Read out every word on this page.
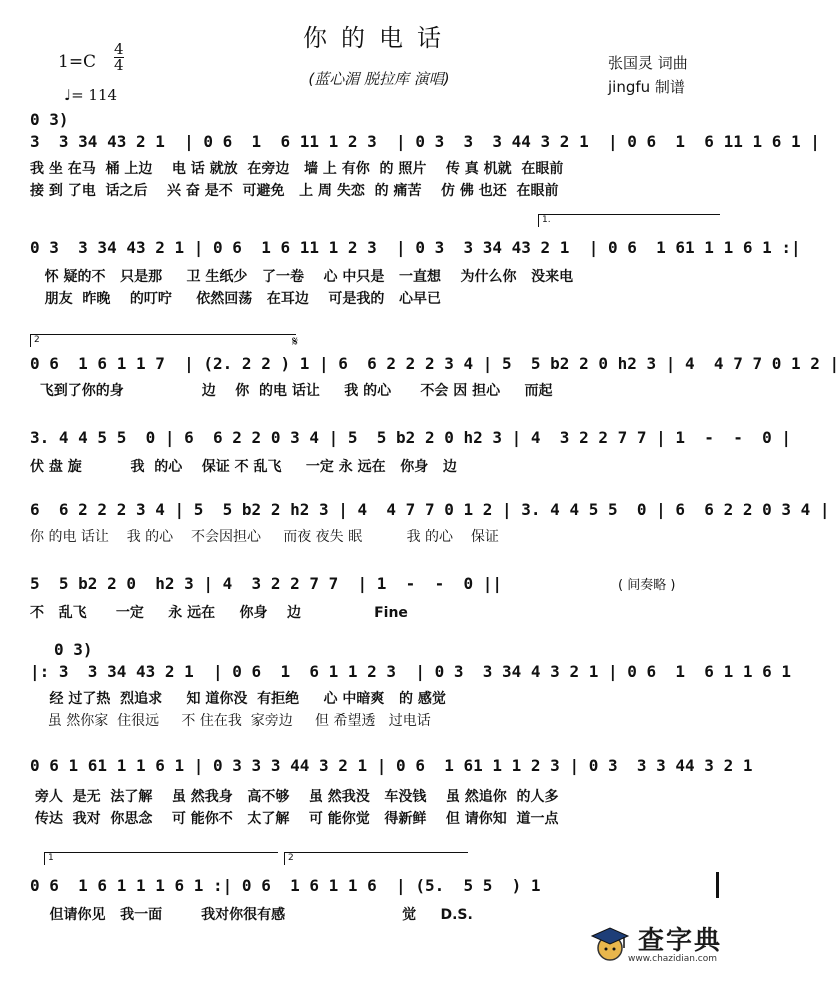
你的电话
(蓝心湄 脱拉库 演唱)
1=C
4
4
♩= 114
张国灵 词曲
jingfu 制谱
0 3)
3  3 34 43 2 1  | 0 6  1  6 11 1 2 3  | 0 3  3  3 44 3 2 1  | 0 6  1  6 11 1 6 1 |
我 坐 在马  桶 上边    电 话 就放  在旁边   墙 上 有你  的 照片    传 真 机就  在眼前
接 到 了电  话之后    兴 奋 是不  可避免   上 周 失恋  的 痛苦    仿 佛 也还  在眼前
1.
0 3  3 34 43 2 1 | 0 6  1 6 11 1 2 3  | 0 3  3 34 43 2 1  | 0 6  1 61 1 1 6 1 :|
怀 疑的不   只是那     卫 生纸少   了一卷    心 中只是   一直想    为什么你   没来电
朋友  昨晚    的叮咛     依然回荡   在耳边    可是我的   心早已
2	𝄋
0 6  1 6 1 1 7  | (2. 2 2 ) 1 | 6  6 2 2 2 3 4 | 5  5 b2 2 0 h2 3 | 4  4 7 7 0 1 2 |
飞到了你的身                边    你  的电 话让     我 的心      不会 因 担心     而起
3. 4 4 5 5  0 | 6  6 2 2 0 3 4 | 5  5 b2 2 0 h2 3 | 4  3 2 2 7 7 | 1  -  -  0 |
伏 盘 旋          我  的心    保证 不 乱飞     一定 永 远在   你身   边
6  6 2 2 2 3 4 | 5  5 b2 2 h2 3 | 4  4 7 7 0 1 2 | 3. 4 4 5 5  0 | 6  6 2 2 0 3 4 |
你 的电 话让    我 的心    不会因担心     而夜 夜失 眠          我 的心    保证
5  5 b2 2 0  h2 3 | 4  3 2 2 7 7  | 1  -  -  0 ||
不   乱飞      一定     永 远在     你身    边               Fine
( 间奏略 )
0 3)
|: 3  3 34 43 2 1  | 0 6  1  6 1 1 2 3  | 0 3  3 34 4 3 2 1 | 0 6  1  6 1 1 6 1
经 过了热  烈追求     知 道你没  有拒绝     心 中暗爽   的 感觉
虽 然你家  住很远     不 住在我  家旁边     但 希望透   过电话
0 6 1 61 1 1 6 1 | 0 3 3 3 44 3 2 1 | 0 6  1 61 1 1 2 3 | 0 3  3 3 44 3 2 1
旁人  是无  法了解    虽 然我身   高不够    虽 然我没   车没钱    虽 然追你  的人多
传达  我对  你思念    可 能你不   太了解    可 能你觉   得新鲜    但 请你知  道一点
1	2
0 6  1 6 1 1 1 6 1 :| 0 6  1 6 1 1 6  | (5.  5 5  ) 1
但请你见   我一面        我对你很有感                        觉     D.S.
查字典
www.chazidian.com
